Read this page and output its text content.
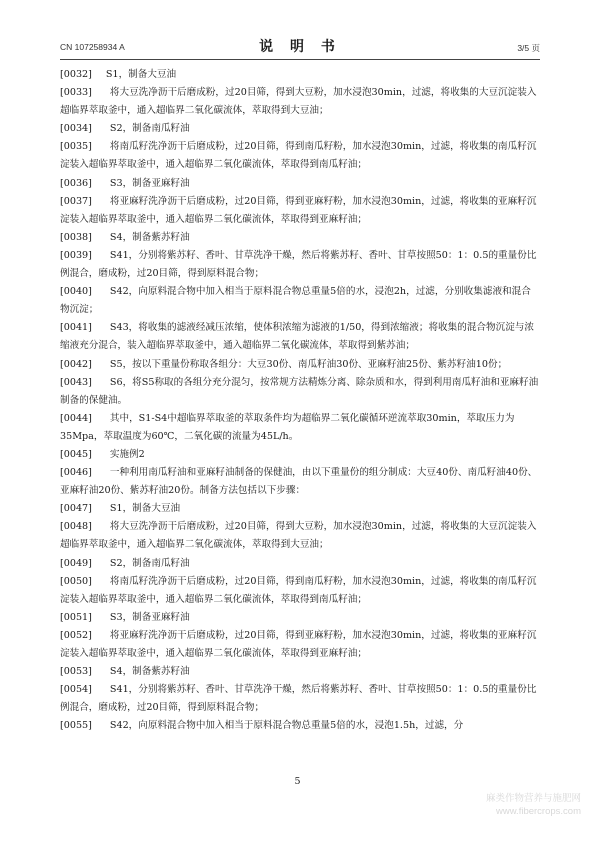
CN 107258934 A	说 明 书	3/5 页
[0032] S1，制备大豆油
[0033] 将大豆洗净沥干后磨成粉，过20目筛，得到大豆粉，加水浸泡30min，过滤，将收集的大豆沉淀装入超临界萃取釜中，通入超临界二氧化碳流体，萃取得到大豆油；
[0034] S2，制备南瓜籽油
[0035] 将南瓜籽洗净沥干后磨成粉，过20目筛，得到南瓜籽粉，加水浸泡30min，过滤，将收集的南瓜籽沉淀装入超临界萃取釜中，通入超临界二氧化碳流体，萃取得到南瓜籽油；
[0036] S3，制备亚麻籽油
[0037] 将亚麻籽洗净沥干后磨成粉，过20目筛，得到亚麻籽粉，加水浸泡30min，过滤，将收集的亚麻籽沉淀装入超临界萃取釜中，通入超临界二氧化碳流体，萃取得到亚麻籽油；
[0038] S4，制备紫苏籽油
[0039] S41，分别将紫苏籽、香叶、甘草洗净干燥，然后将紫苏籽、香叶、甘草按照50：1：0.5的重量份比例混合，磨成粉，过20目筛，得到原料混合物；
[0040] S42，向原料混合物中加入相当于原料混合物总重量5倍的水，浸泡2h，过滤，分别收集滤液和混合物沉淀；
[0041] S43，将收集的滤液经减压浓缩，使体积浓缩为滤液的1/50，得到浓缩液；将收集的混合物沉淀与浓缩液充分混合，装入超临界萃取釜中，通入超临界二氧化碳流体，萃取得到紫苏油；
[0042] S5，按以下重量份称取各组分：大豆30份、南瓜籽油30份、亚麻籽油25份、紫苏籽油10份；
[0043] S6，将S5称取的各组分充分混匀，按常规方法精炼分离、除杂质和水，得到利用南瓜籽油和亚麻籽油制备的保健油。
[0044] 其中，S1-S4中超临界萃取釜的萃取条件均为超临界二氧化碳循环逆流萃取30min，萃取压力为35Mpa，萃取温度为60℃，二氧化碳的流量为45L/h。
[0045] 实施例2
[0046] 一种利用南瓜籽油和亚麻籽油制备的保健油，由以下重量份的组分制成：大豆40份、南瓜籽油40份、亚麻籽油20份、紫苏籽油20份。制备方法包括以下步骤：
[0047] S1，制备大豆油
[0048] 将大豆洗净沥干后磨成粉，过20目筛，得到大豆粉，加水浸泡30min，过滤，将收集的大豆沉淀装入超临界萃取釜中，通入超临界二氧化碳流体，萃取得到大豆油；
[0049] S2，制备南瓜籽油
[0050] 将南瓜籽洗净沥干后磨成粉，过20目筛，得到南瓜籽粉，加水浸泡30min，过滤，将收集的南瓜籽沉淀装入超临界萃取釜中，通入超临界二氧化碳流体，萃取得到南瓜籽油；
[0051] S3，制备亚麻籽油
[0052] 将亚麻籽洗净沥干后磨成粉，过20目筛，得到亚麻籽粉，加水浸泡30min，过滤，将收集的亚麻籽沉淀装入超临界萃取釜中，通入超临界二氧化碳流体，萃取得到亚麻籽油；
[0053] S4，制备紫苏籽油
[0054] S41，分别将紫苏籽、香叶、甘草洗净干燥，然后将紫苏籽、香叶、甘草按照50：1：0.5的重量份比例混合，磨成粉，过20目筛，得到原料混合物；
[0055] S42，向原料混合物中加入相当于原料混合物总重量5倍的水，浸泡1.5h，过滤，分
5
麻类作物营养与施肥网
www.fibercrops.com
